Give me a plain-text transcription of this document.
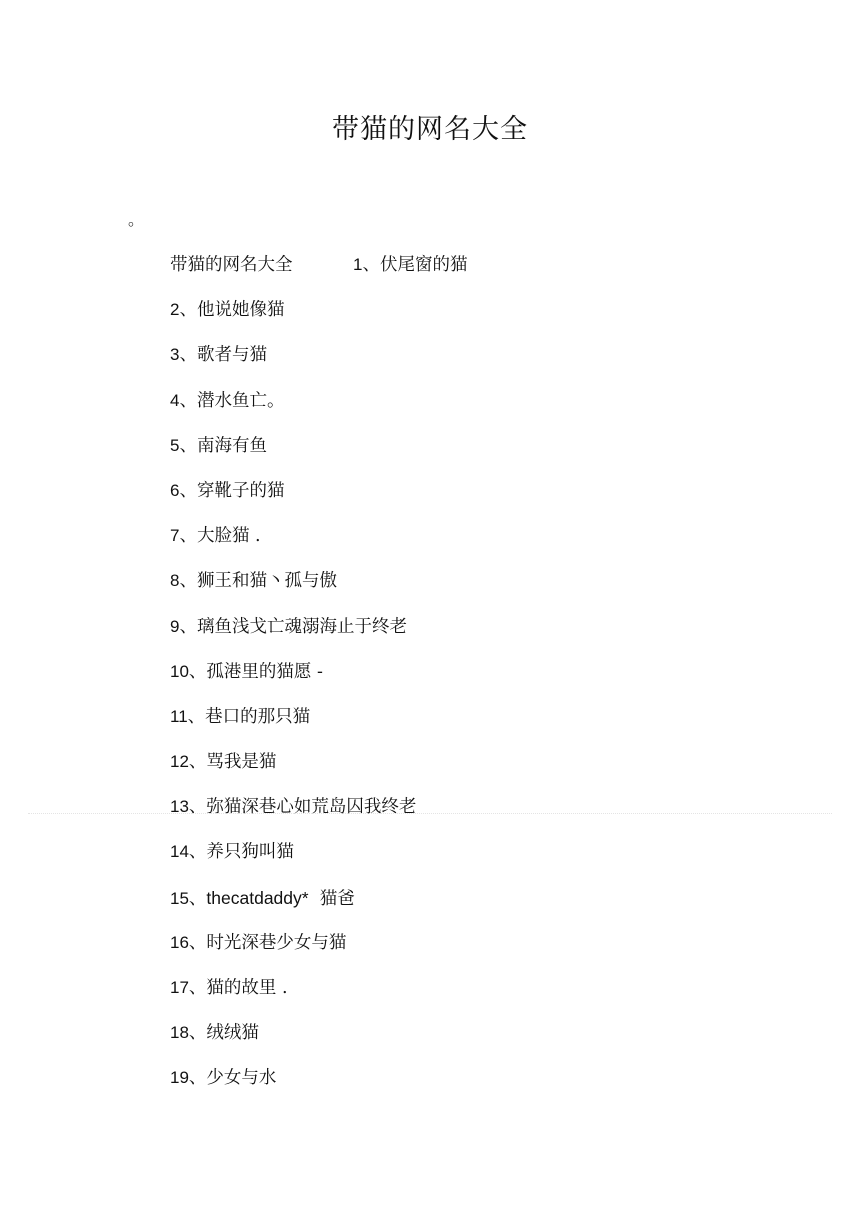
带猫的网名大全
。
带猫的网名大全	1、伏尾窗的猫
2、他说她像猫
3、歌者与猫
4、潜水鱼亡。
5、南海有鱼
6、穿靴子的猫
7、大脸猫 .
8、狮王和猫丶孤与傲
9、璃鱼浅戈亡魂溺海止于终老
10、孤港里的猫愿 -
11、巷口的那只猫
12、骂我是猫
13、弥猫深巷心如荒岛囚我终老
14、养只狗叫猫
15、thecatdaddy*  猫爸
16、时光深巷少女与猫
17、猫的故里 .
18、绒绒猫
19、少女与水
